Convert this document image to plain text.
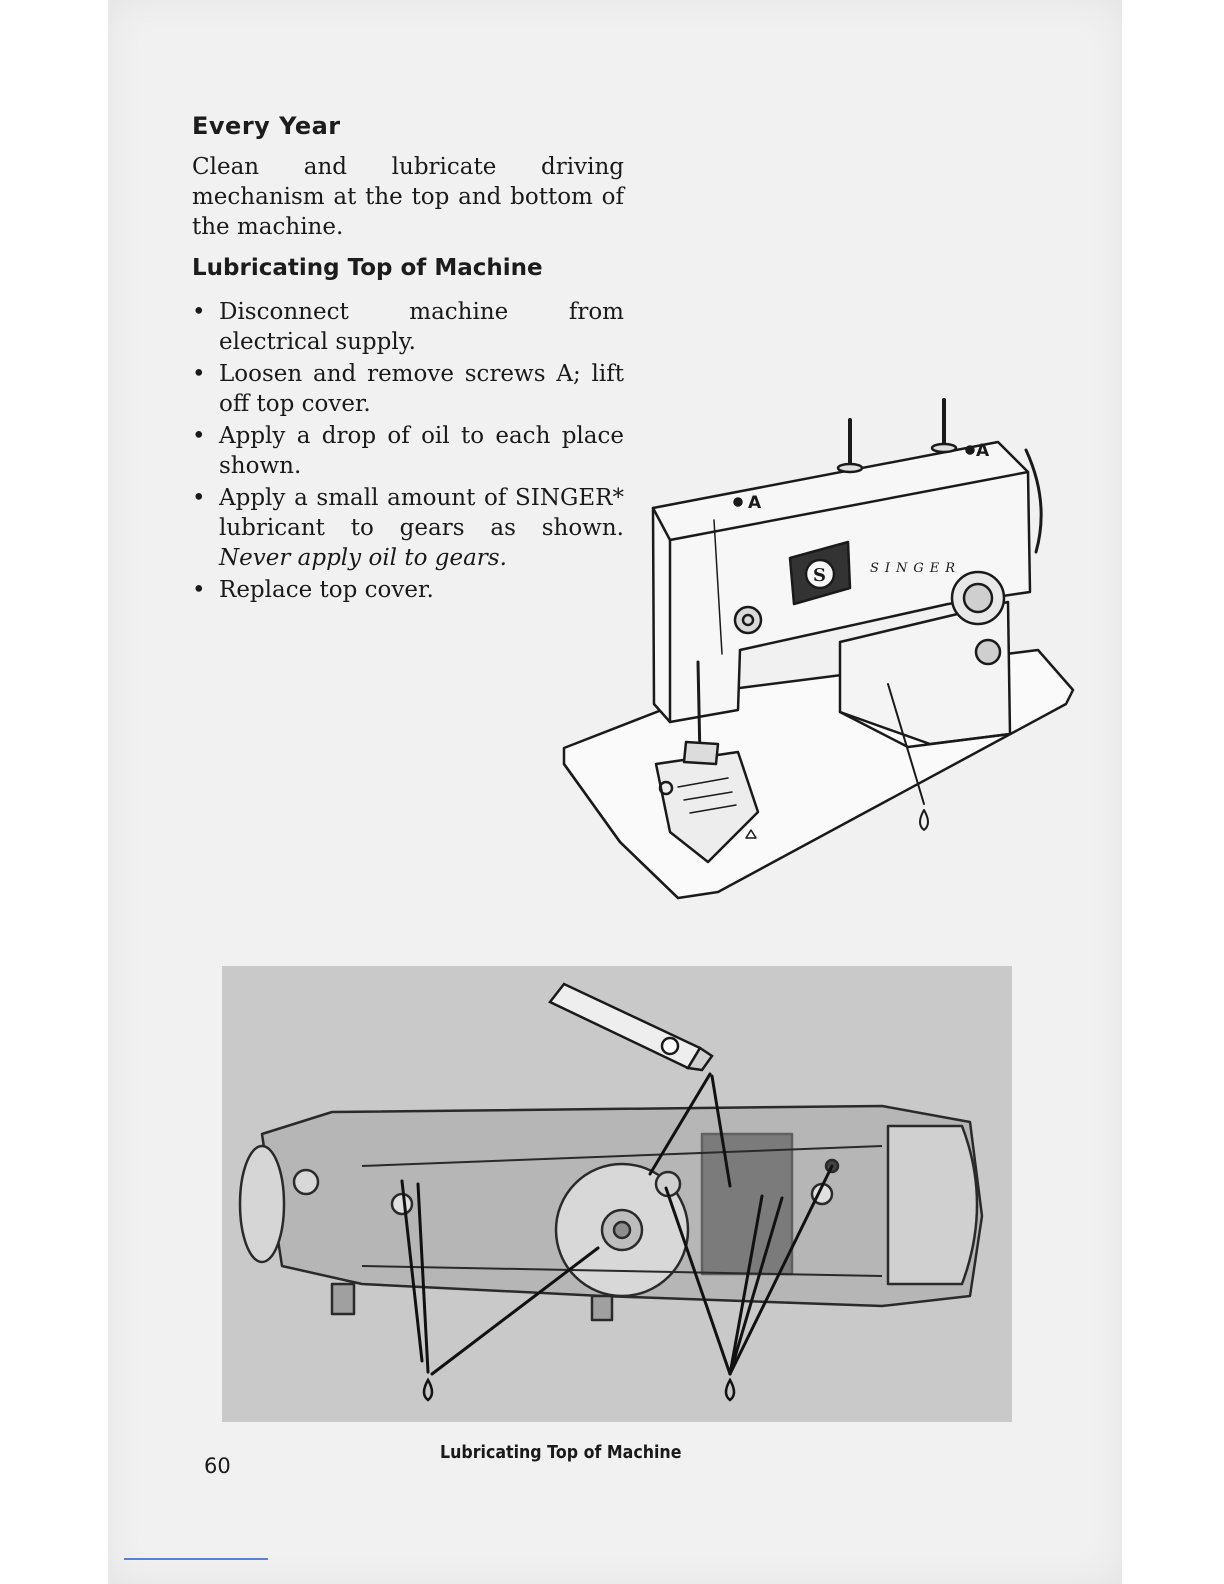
Every Year

Clean and lubricate driving mechanism at the top and bottom of the machine.

Lubricating Top of Machine
• Disconnect machine from electrical supply.
• Loosen and remove screws A; lift off top cover.
• Apply a drop of oil to each place shown.
• Apply a small amount of SINGER* lubricant to gears as shown. Never apply oil to gears.
• Replace top cover.
S	SINGER
A
A
60
Lubricating Top of Machine
